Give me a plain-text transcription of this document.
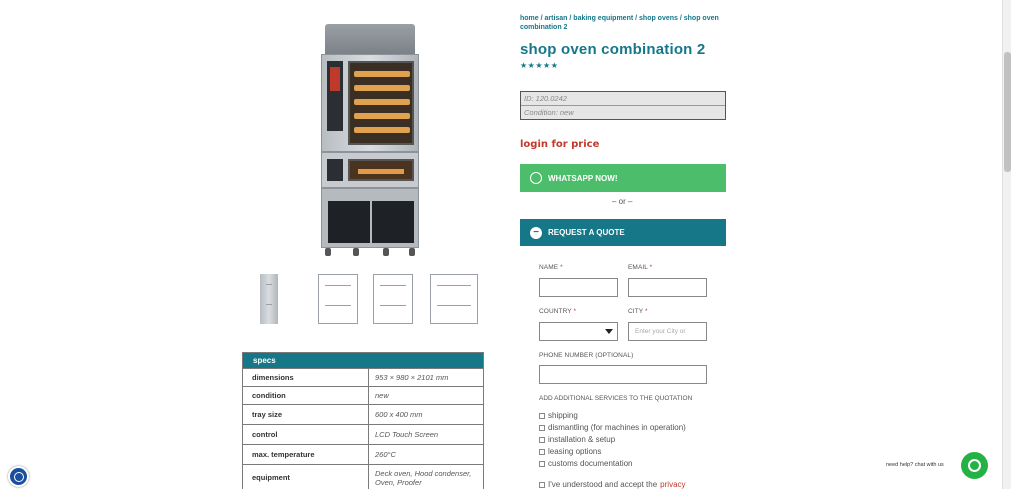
specs
dimensions	953 × 980 × 2101 mm
condition	new
tray size	600 x 400 mm
control	LCD Touch Screen
max. temperature	260°C
equipment	Deck oven, Hood condenser, Oven, Proofer
home / artisan / baking equipment / shop ovens / shop oven combination 2
shop oven combination 2
★★★★★
ID: 120.0242
Condition: new
login for price
WHATSAPP NOW!
– or –
−	REQUEST A QUOTE
NAME *	EMAIL *
COUNTRY *	CITY *
Enter your City or
PHONE NUMBER (OPTIONAL)
ADD ADDITIONAL SERVICES TO THE QUOTATION
shipping
dismantling (for machines in operation)
installation & setup
leasing options
customs documentation
I've understood and accept the privacy
need help? chat with us
